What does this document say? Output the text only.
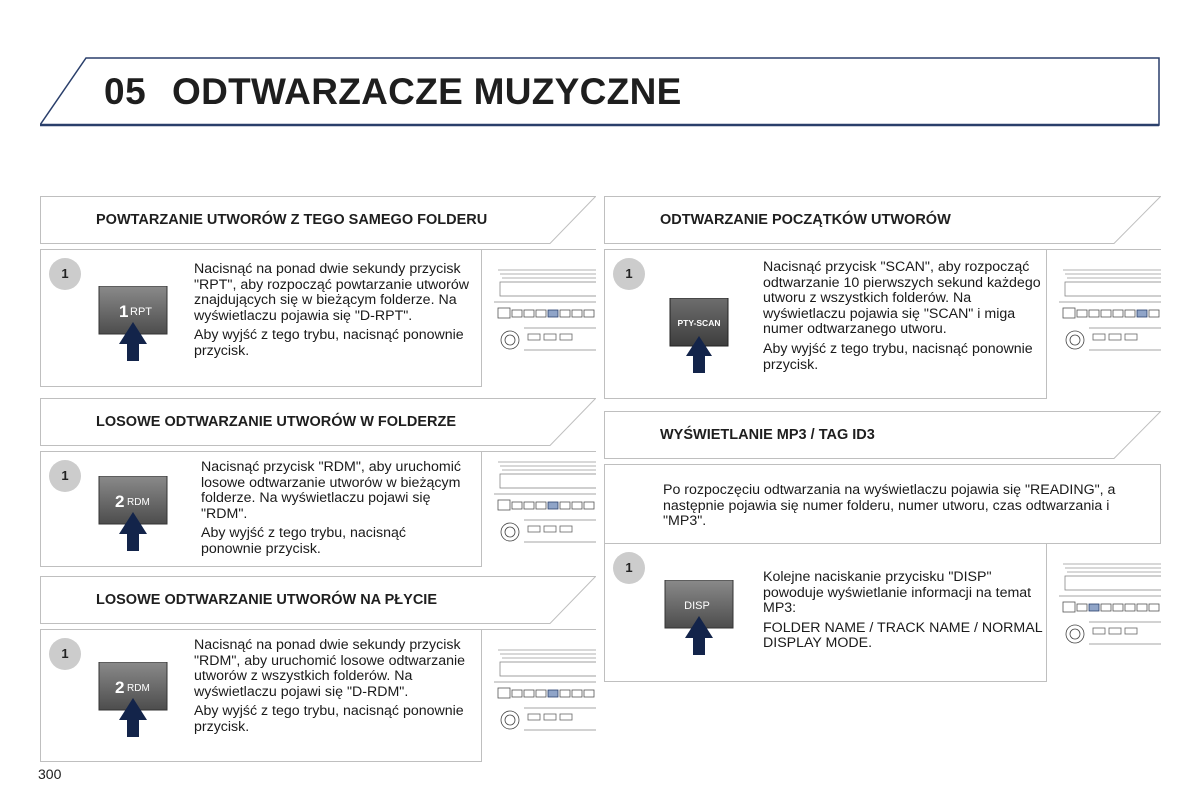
05 ODTWARZACZE MUZYCZNE
POWTARZANIE UTWORÓW Z TEGO SAMEGO FOLDERU
1
1 RPT

Nacisnąć na ponad dwie sekundy przycisk "RPT", aby rozpocząć powtarzanie utworów znajdujących się w bieżącym folderze. Na wyświetlaczu pojawia się "D-RPT".

Aby wyjść z tego trybu, nacisnąć ponownie przycisk.

LOSOWE ODTWARZANIE UTWORÓW W FOLDERZE
1
2 RDM

Nacisnąć przycisk "RDM", aby uruchomić losowe odtwarzanie utworów w bieżącym folderze. Na wyświetlaczu pojawi się "RDM".

Aby wyjść z tego trybu, nacisnąć ponownie przycisk.

LOSOWE ODTWARZANIE UTWORÓW NA PŁYCIE
1
2 RDM

Nacisnąć na ponad dwie sekundy przycisk "RDM", aby uruchomić losowe odtwarzanie utworów z wszystkich folderów. Na wyświetlaczu pojawi się "D-RDM".

Aby wyjść z tego trybu, nacisnąć ponownie przycisk.

ODTWARZANIE POCZĄTKÓW UTWORÓW
1
PTY-SCAN

Nacisnąć przycisk "SCAN", aby rozpocząć odtwarzanie 10 pierwszych sekund każdego utworu z wszystkich folderów. Na wyświetlaczu pojawia się "SCAN" i miga numer odtwarzanego utworu.

Aby wyjść z tego trybu, nacisnąć ponownie przycisk.

WYŚWIETLANIE MP3 / TAG ID3
Po rozpoczęciu odtwarzania na wyświetlaczu pojawia się "READING", a następnie pojawia się numer folderu, numer utworu, czas odtwarzania i "MP3".
1
DISP

Kolejne naciskanie przycisku "DISP" powoduje wyświetlanie informacji na temat MP3:

FOLDER NAME / TRACK NAME / NORMAL DISPLAY MODE.

300
